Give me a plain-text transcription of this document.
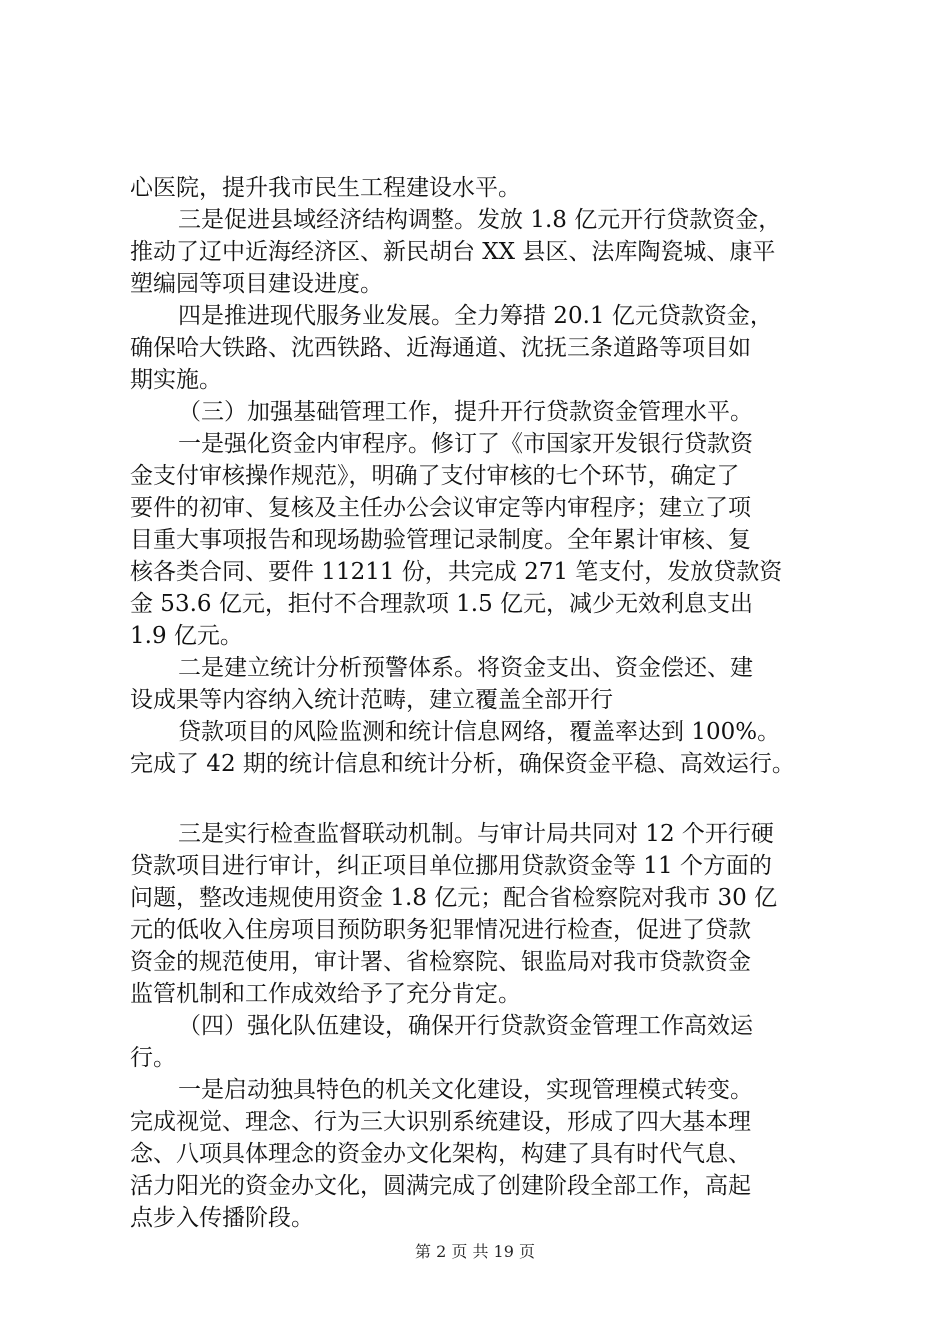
心医院，提升我市民生工程建设水平。
三是促进县域经济结构调整。发放 1.8 亿元开行贷款资金，
推动了辽中近海经济区、新民胡台 XX 县区、法库陶瓷城、康平
塑编园等项目建设进度。
四是推进现代服务业发展。全力筹措 20.1 亿元贷款资金，
确保哈大铁路、沈西铁路、近海通道、沈抚三条道路等项目如
期实施。
（三）加强基础管理工作，提升开行贷款资金管理水平。
一是强化资金内审程序。修订了《市国家开发银行贷款资
金支付审核操作规范》，明确了支付审核的七个环节，确定了
要件的初审、复核及主任办公会议审定等内审程序；建立了项
目重大事项报告和现场勘验管理记录制度。全年累计审核、复
核各类合同、要件 11211 份，共完成 271 笔支付，发放贷款资
金 53.6 亿元，拒付不合理款项 1.5 亿元，减少无效利息支出
1.9 亿元。
二是建立统计分析预警体系。将资金支出、资金偿还、建
设成果等内容纳入统计范畴，建立覆盖全部开行
贷款项目的风险监测和统计信息网络，覆盖率达到 100%。
完成了 42 期的统计信息和统计分析，确保资金平稳、高效运行。
三是实行检查监督联动机制。与审计局共同对 12 个开行硬
贷款项目进行审计，纠正项目单位挪用贷款资金等 11 个方面的
问题，整改违规使用资金 1.8 亿元；配合省检察院对我市 30 亿
元的低收入住房项目预防职务犯罪情况进行检查，促进了贷款
资金的规范使用，审计署、省检察院、银监局对我市贷款资金
监管机制和工作成效给予了充分肯定。
（四）强化队伍建设，确保开行贷款资金管理工作高效运
行。
一是启动独具特色的机关文化建设，实现管理模式转变。
完成视觉、理念、行为三大识别系统建设，形成了四大基本理
念、八项具体理念的资金办文化架构，构建了具有时代气息、
活力阳光的资金办文化，圆满完成了创建阶段全部工作，高起
点步入传播阶段。
第 2 页 共 19 页
